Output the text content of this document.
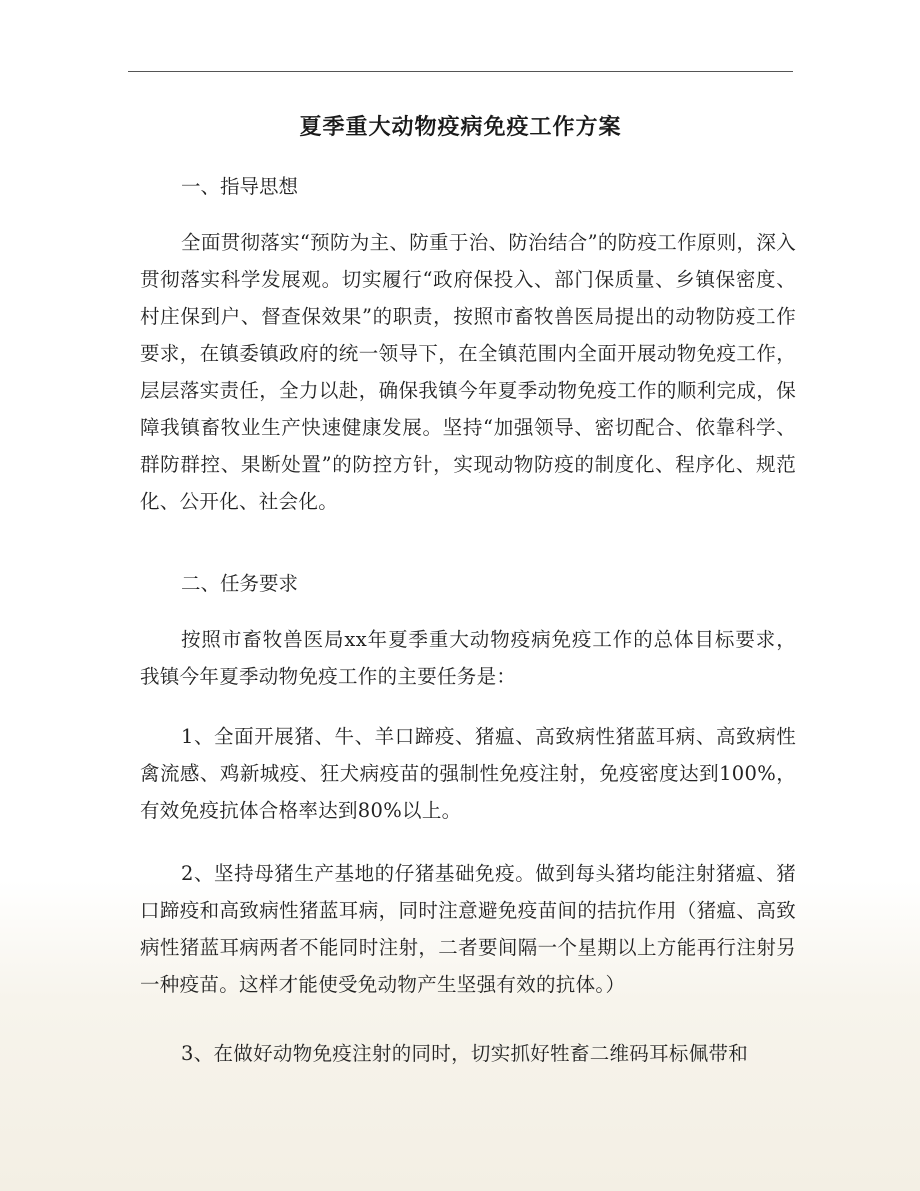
夏季重大动物疫病免疫工作方案
一、指导思想
全面贯彻落实“预防为主、防重于治、防治结合”的防疫工作原则，深入贯彻落实科学发展观。切实履行“政府保投入、部门保质量、乡镇保密度、村庄保到户、督查保效果”的职责，按照市畜牧兽医局提出的动物防疫工作要求，在镇委镇政府的统一领导下，在全镇范围内全面开展动物免疫工作，层层落实责任，全力以赴，确保我镇今年夏季动物免疫工作的顺利完成，保障我镇畜牧业生产快速健康发展。坚持“加强领导、密切配合、依靠科学、群防群控、果断处置”的防控方针，实现动物防疫的制度化、程序化、规范化、公开化、社会化。
二、任务要求
按照市畜牧兽医局xx年夏季重大动物疫病免疫工作的总体目标要求，我镇今年夏季动物免疫工作的主要任务是：
1、全面开展猪、牛、羊口蹄疫、猪瘟、高致病性猪蓝耳病、高致病性禽流感、鸡新城疫、狂犬病疫苗的强制性免疫注射，免疫密度达到100%，有效免疫抗体合格率达到80%以上。
2、坚持母猪生产基地的仔猪基础免疫。做到每头猪均能注射猪瘟、猪口蹄疫和高致病性猪蓝耳病，同时注意避免疫苗间的拮抗作用（猪瘟、高致病性猪蓝耳病两者不能同时注射，二者要间隔一个星期以上方能再行注射另一种疫苗。这样才能使受免动物产生坚强有效的抗体。）
3、在做好动物免疫注射的同时，切实抓好牲畜二维码耳标佩带和
